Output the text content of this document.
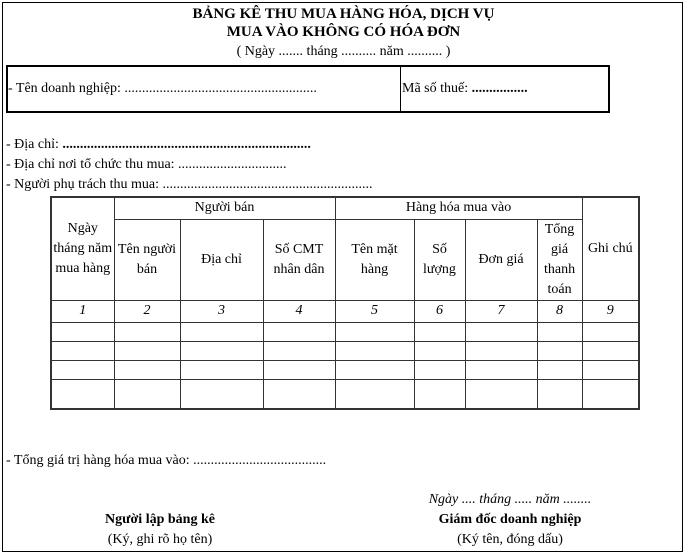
BẢNG KÊ THU MUA HÀNG HÓA, DỊCH VỤ
MUA VÀO KHÔNG CÓ HÓA ĐƠN
( Ngày ....... tháng .......... năm .......... )
- Tên doanh nghiệp: .......................................................	Mã số thuế: ................
- Địa chỉ: .......................................................................
- Địa chỉ nơi tổ chức thu mua: ...............................
- Người phụ trách thu mua: ............................................................
Ngày tháng năm mua hàng	Người bán			Hàng hóa mua vào				Ghi chú
	Tên người bán	Địa chỉ	Số CMT nhân dân	Tên mặt hàng	Số lượng	Đơn giá	Tổng giá thanh toán	
1	2	3	4	5	6	7	8	9

- Tổng giá trị hàng hóa mua vào: ......................................
Ngày .... tháng ..... năm ........
Người lập bảng kê
(Ký, ghi rõ họ tên)
Giám đốc doanh nghiệp
(Ký tên, đóng dấu)
